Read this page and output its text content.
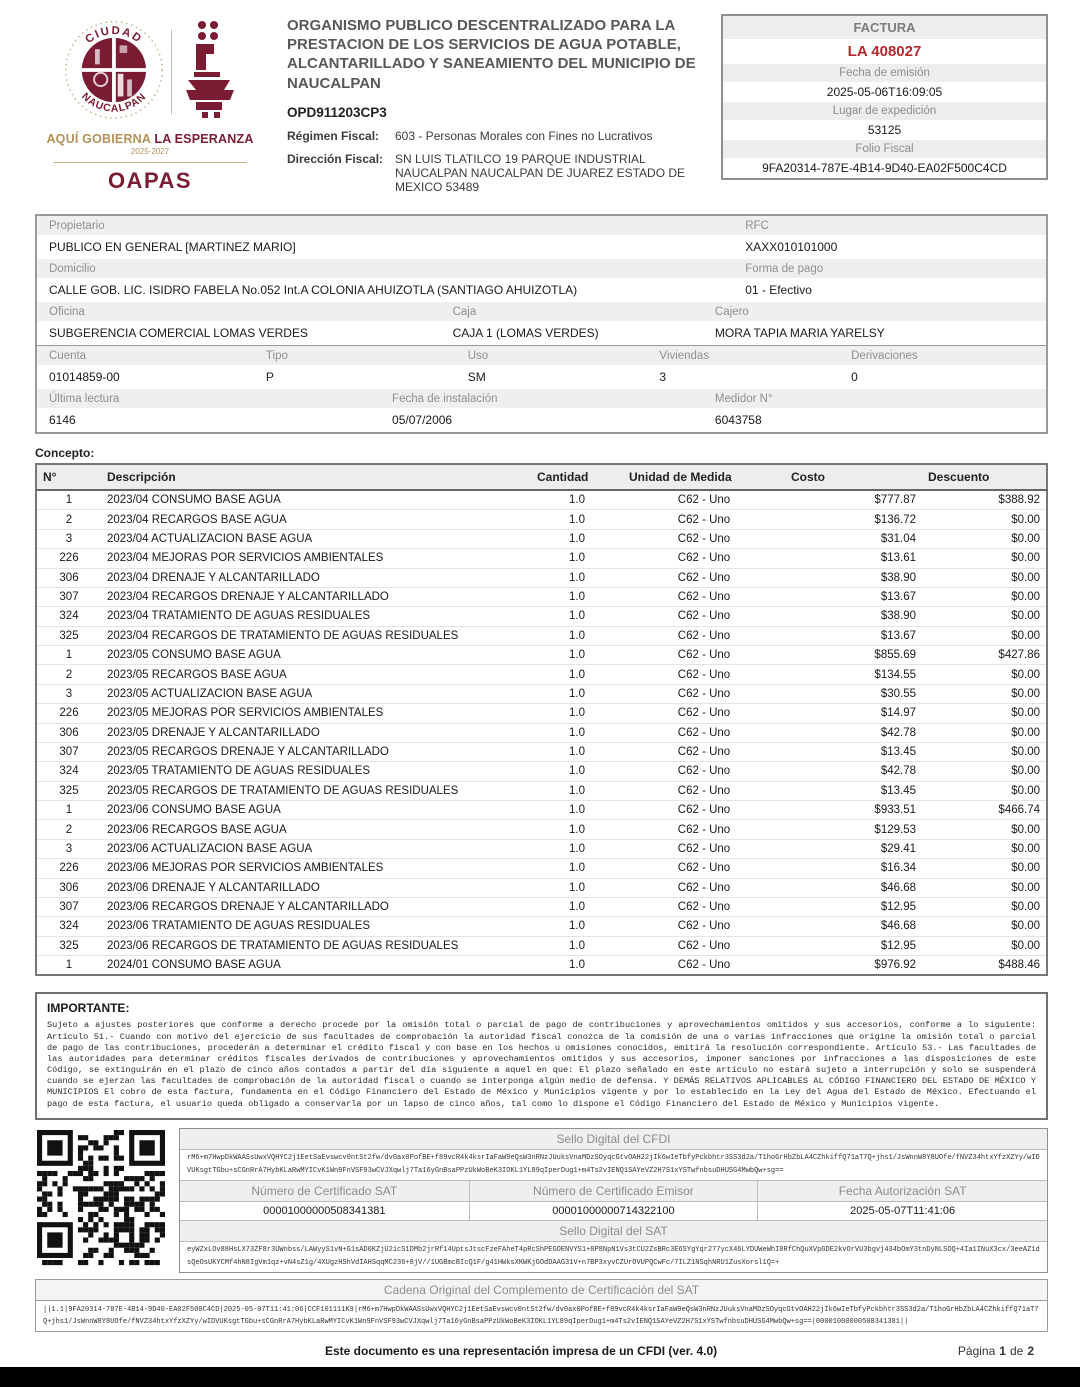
CIUDAD
NAUCALPAN
AQUÍ GOBIERNA LA ESPERANZA
2025-2027
OAPAS
ORGANISMO PUBLICO DESCENTRALIZADO PARA LA PRESTACION DE LOS SERVICIOS DE AGUA POTABLE, ALCANTARILLADO Y SANEAMIENTO DEL MUNICIPIO DE NAUCALPAN
OPD911203CP3
Régimen Fiscal:	603 - Personas Morales con Fines no Lucrativos
Dirección Fiscal: SN LUIS TLATILCO 19 PARQUE INDUSTRIAL NAUCALPAN NAUCALPAN DE JUAREZ ESTADO DE MEXICO 53489
FACTURA
LA 408027
Fecha de emisión
2025-05-06T16:09:05
Lugar de expedición
53125
Folio Fiscal
9FA20314-787E-4B14-9D40-EA02F500C4CD
Propietario	RFC
PUBLICO EN GENERAL [MARTINEZ MARIO]	XAXX010101000
Domicilio	Forma de pago
CALLE GOB. LIC. ISIDRO FABELA No.052 Int.A COLONIA AHUIZOTLA (SANTIAGO AHUIZOTLA)	01 - Efectivo
Oficina	Caja	Cajero
SUBGERENCIA COMERCIAL LOMAS VERDES	CAJA 1 (LOMAS VERDES)	MORA TAPIA MARIA YARELSY
Cuenta	Tipo	Uso	Viviendas	Derivaciones
01014859-00	P	SM	3	0
Última lectura	Fecha de instalación	Medidor N°
6146	05/07/2006	6043758
Concepto:
N°	Descripción	Cantidad	Unidad de Medida	Costo	Descuento
1	2023/04 CONSUMO BASE AGUA	1.0	C62 - Uno	$777.87	$388.92
2	2023/04 RECARGOS BASE AGUA	1.0	C62 - Uno	$136.72	$0.00
3	2023/04 ACTUALIZACION BASE AGUA	1.0	C62 - Uno	$31.04	$0.00
226	2023/04 MEJORAS POR SERVICIOS AMBIENTALES	1.0	C62 - Uno	$13.61	$0.00
306	2023/04 DRENAJE Y ALCANTARILLADO	1.0	C62 - Uno	$38.90	$0.00
307	2023/04 RECARGOS DRENAJE Y ALCANTARILLADO	1.0	C62 - Uno	$13.67	$0.00
324	2023/04 TRATAMIENTO DE AGUAS RESIDUALES	1.0	C62 - Uno	$38.90	$0.00
325	2023/04 RECARGOS DE TRATAMIENTO DE AGUAS RESIDUALES	1.0	C62 - Uno	$13.67	$0.00
1	2023/05 CONSUMO BASE AGUA	1.0	C62 - Uno	$855.69	$427.86
2	2023/05 RECARGOS BASE AGUA	1.0	C62 - Uno	$134.55	$0.00
3	2023/05 ACTUALIZACION BASE AGUA	1.0	C62 - Uno	$30.55	$0.00
226	2023/05 MEJORAS POR SERVICIOS AMBIENTALES	1.0	C62 - Uno	$14.97	$0.00
306	2023/05 DRENAJE Y ALCANTARILLADO	1.0	C62 - Uno	$42.78	$0.00
307	2023/05 RECARGOS DRENAJE Y ALCANTARILLADO	1.0	C62 - Uno	$13.45	$0.00
324	2023/05 TRATAMIENTO DE AGUAS RESIDUALES	1.0	C62 - Uno	$42.78	$0.00
325	2023/05 RECARGOS DE TRATAMIENTO DE AGUAS RESIDUALES	1.0	C62 - Uno	$13.45	$0.00
1	2023/06 CONSUMO BASE AGUA	1.0	C62 - Uno	$933.51	$466.74
2	2023/06 RECARGOS BASE AGUA	1.0	C62 - Uno	$129.53	$0.00
3	2023/06 ACTUALIZACION BASE AGUA	1.0	C62 - Uno	$29.41	$0.00
226	2023/06 MEJORAS POR SERVICIOS AMBIENTALES	1.0	C62 - Uno	$16.34	$0.00
306	2023/06 DRENAJE Y ALCANTARILLADO	1.0	C62 - Uno	$46.68	$0.00
307	2023/06 RECARGOS DRENAJE Y ALCANTARILLADO	1.0	C62 - Uno	$12.95	$0.00
324	2023/06 TRATAMIENTO DE AGUAS RESIDUALES	1.0	C62 - Uno	$46.68	$0.00
325	2023/06 RECARGOS DE TRATAMIENTO DE AGUAS RESIDUALES	1.0	C62 - Uno	$12.95	$0.00
1	2024/01 CONSUMO BASE AGUA	1.0	C62 - Uno	$976.92	$488.46
IMPORTANTE:
Sujeto a ajustes posteriores que conforme a derecho procede por la omisión total o parcial de pago de contribuciones y aprovechamientos omitidos y sus accesorios, conforme a lo siguiente: Artículo 51.- Cuando con motivo del ejercicio de sus facultades de comprobación la autoridad fiscal conozca de la comisión de una o varias infracciones que origine la omisión total o parcial de pago de las contribuciones, procederán a determinar el crédito fiscal y con base en los hechos u omisiones conocidos, emitirá la resolución correspondiente. Artículo 53.- Las facultades de las autoridades para determinar créditos fiscales derivados de contribuciones y aprovechamientos omitidos y sus accesorios, imponer sanciones por infracciones a las disposiciones de este Código, se extinguirán en el plazo de cinco años contados a partir del día siguiente a aquel en que: El plazo señalado en este artículo no estará sujeto a interrupción y solo se suspenderá cuando se ejerzan las facultades de comprobación de la autoridad fiscal o cuando se interponga algún medio de defensa. Y DEMÁS RELATIVOS APLICABLES AL CÓDIGO FINANCIERO DEL ESTADO DE MÉXICO Y MUNICIPIOS El cobro de esta factura, fundamenta en el Código Financiero del Estado de México y Municipios vigente y por lo establecido en la Ley del Agua del Estado de México. Efectuando el pago de esta factura, el usuario queda obligado a conservarla por un lapso de cinco años, tal como lo dispone el Código Financiero del Estado de México y Municipios vigente.
Sello Digital del CFDI
rM6+m7HwpDkWAASsUwxVQHYC2j1EetSaEvswcv0ntSt2fw/dv0ax0PofBE+f89vcR4k4ksrIaFaW9eQsW3nRNzJUuksVnaMDzSOyqcGtvOAH22jIk6wIeTbfyPckbhtr3SS3d2a/T1hoGrHbZbLA4CZhkiffQ71aT7Q+jhs1/JsWnnW8Y8UOfe/fNVZ34htxYfzXZYy/wIDVUKsgtTGbu+sCGnRrA7HybKLaRwMYICvK1Wn9FnVSF93wCVJXqwlj7Ta16yGnBsaPPzUkWoBeK3IOKL1YL89qIperDug1+m4Ts2vIENQ1SAYeVZ2H7S1xYSTwfnbsuDHUSG4MwbQw+sg==
Número de Certificado SAT	Número de Certificado Emisor	Fecha Autorización SAT
00001000000508341381	00001000000714322100	2025-05-07T11:41:06
Sello Digital del SAT
eyWZxLOv88HsLX73ZF8r3UWnbss/LAWyyS1vN+G1sAD0KZjU2icS1DMb2jrRf14UptsJtscFzeFAheT4pRcShPEGOENVYS1+8P8NpN1Vs3tCU2ZsBRc3E6SYgYqr277ycX46LYDUWeWhI8RfChQuXVpGDE2kvOrVU3bgvj434bOmY3tnDyNLSOQ+4Ia1INuX3cx/3eeAZ1dsQeOsUKYCMf4hN8IgVm1qz+vN4sZ1g/4XUgzHShVdIAHSqqMC236+8jV//1UGBmcBIcQ1F/g41HWksXKWKjGOdDAAG31V+n7BP3xyvCZUrOVUPQCwFc/7ILZ1NSqhNRU1ZusXorsl1Q=+
Cadena Original del Complemento de Certificación del SAT
||1.1|9FA20314-787E-4B14-9D40-EA02F500C4CD|2025-05-07T11:41:06|CCF101111K9|rM6+m7HwpDkWAASsUwxVQHYC2j1EetSaEvswcv0ntSt2fw/dv0ax0PofBE+f89vcR4k4ksrIaFaW9eQsW3nRNzJUuksVnaMDzSOyqcGtvOAH22jIk6wIeTbfyPckbhtr3SS3d2a/T1hoGrHbZbLA4CZhkiffQ71aT7Q+jhs1/JsWnnW8Y8UOfe/fNVZ34htxYfzXZYy/wIDVUKsgtTGbu+sCGnRrA7HybKLaRwMYICvK1Wn9FnVSF93wCVJXqwlj7Ta16yGnBsaPPzUkWoBeK3IOKL1YL89qIperDug1+m4Ts2vIENQ1SAYeVZ2H7S1xYSTwfnbsuDHUSG4MwbQw+sg==|00001000000508341381||
Este documento es una representación impresa de un CFDI (ver. 4.0)	Página 1 de 2
